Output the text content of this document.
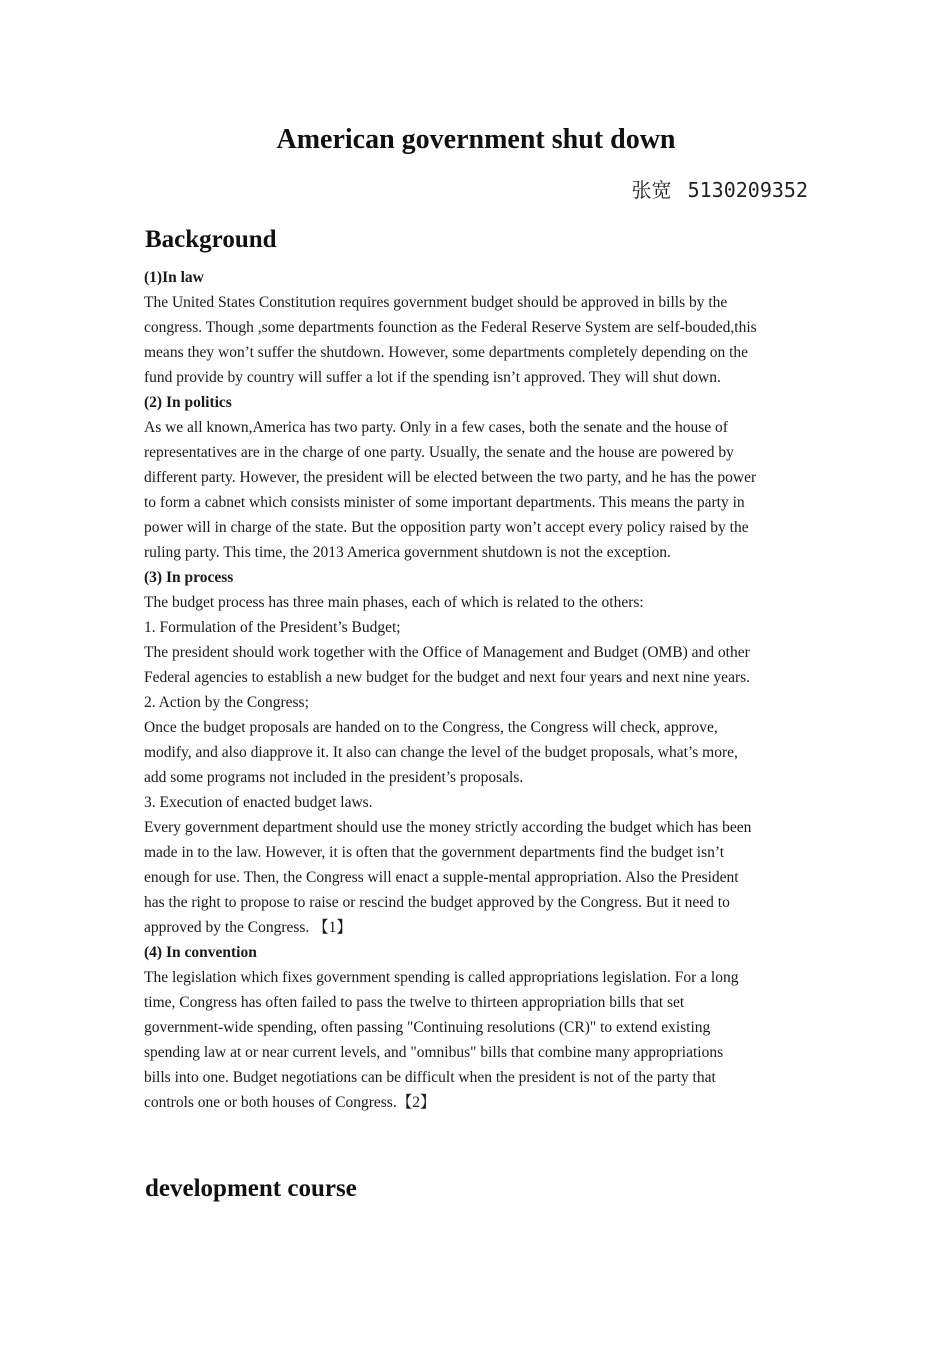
American government shut down
张宽 5130209352
Background

(1)In law

The United States Constitution requires government budget should be approved in bills by the

congress. Though ,some departments founction as the Federal Reserve System are self-bouded,this

means they won’t suffer the shutdown. However, some departments completely depending on the

fund provide by country will suffer a lot if the spending isn’t approved. They will shut down.

(2) In politics

As we all known,America has two party. Only in a few cases, both the senate and the house of

representatives are in the charge of one party. Usually, the senate and the house are powered by

different party. However, the president will be elected between the two party, and he has the power

to form a cabnet which consists minister of some important departments. This means the party in

power will in charge of the state. But the opposition party won’t accept every policy raised by the

ruling party. This time, the 2013 America government shutdown is not the exception.

(3) In process

The budget process has three main phases, each of which is related to the others:

1. Formulation of the President’s Budget;

The president should work together with the Office of Management and Budget (OMB) and other

Federal agencies to establish a new budget for the budget and next four years and next nine years.

2. Action by the Congress;

Once the budget proposals are handed on to the Congress, the Congress will check, approve,

modify, and also diapprove it. It also can change the level of the budget proposals, what’s more,

add some programs not included in the president’s proposals.

3. Execution of enacted budget laws.

Every government department should use the money strictly according the budget which has been

made in to the law. However, it is often that the government departments find the budget isn’t

enough for use. Then, the Congress will enact a supple-mental appropriation. Also the President

has the right to propose to raise or rescind the budget approved by the Congress. But it need to

approved by the Congress. 【1】

(4) In convention

The legislation which fixes government spending is called appropriations legislation. For a long

time, Congress has often failed to pass the twelve to thirteen appropriation bills that set

government-wide spending, often passing "Continuing resolutions (CR)" to extend existing

spending law at or near current levels, and "omnibus" bills that combine many appropriations

bills into one. Budget negotiations can be difficult when the president is not of the party that

controls one or both houses of Congress.【2】

development course
